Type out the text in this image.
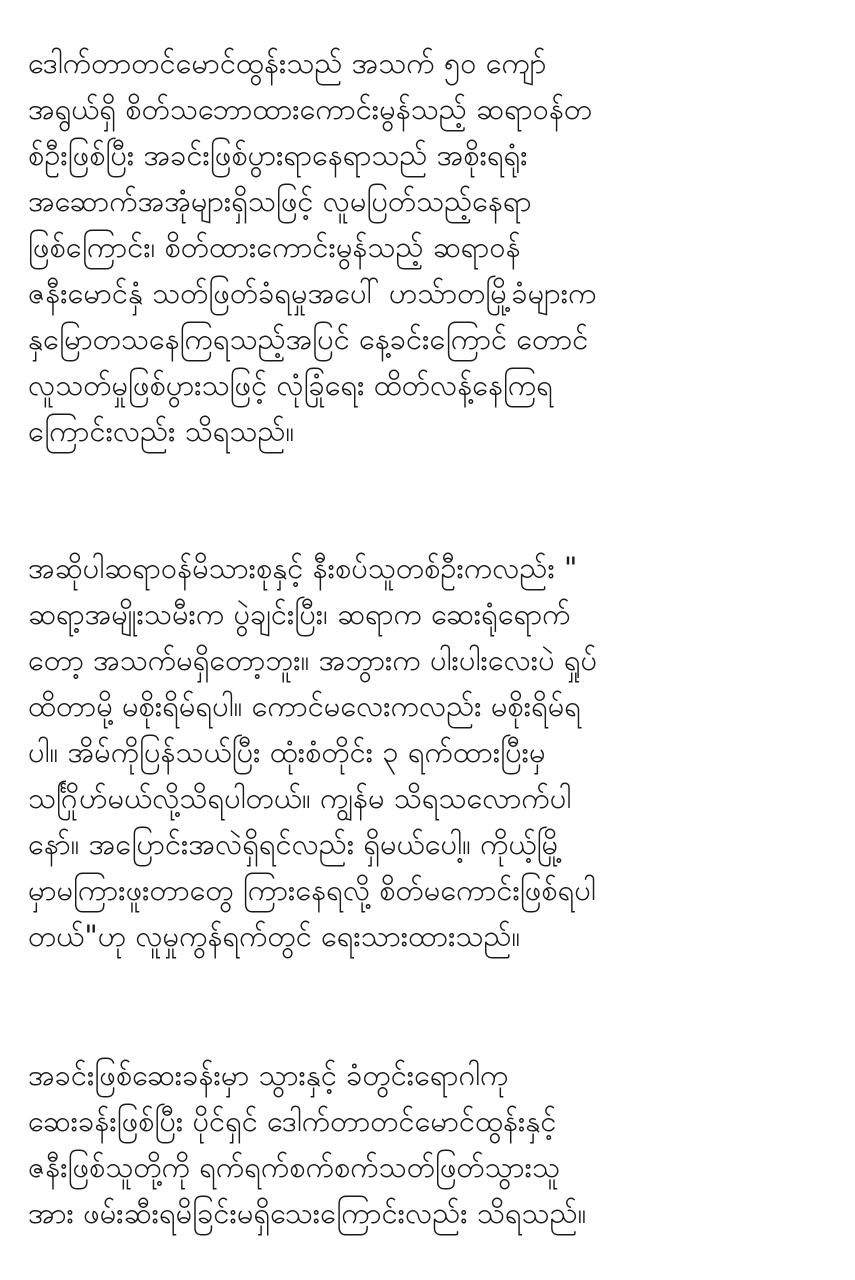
ဒေါက်တာတင်မောင်ထွန်းသည် အသက် ၅၀ ကျော်
အရွယ်ရှိ စိတ်သဘောထားကောင်းမွန်သည့် ဆရာဝန်တ
စ်ဦးဖြစ်ပြီး အခင်းဖြစ်ပွားရာနေရာသည် အစိုးရရုံး
အဆောက်အအုံများရှိသဖြင့် လူမပြတ်သည့်နေရာ
ဖြစ်ကြောင်း၊ စိတ်ထားကောင်းမွန်သည့် ဆရာဝန်
ဇနီးမောင်နှံ သတ်ဖြတ်ခံရမှုအပေါ် ဟသ်ာတမြို့ခံများက
နှမြောတသနေကြရသည့်အပြင် နေ့ခင်းကြောင် တောင်
လူသတ်မှုဖြစ်ပွားသဖြင့် လုံခြုံရေး ထိတ်လန့်နေကြရ
ကြောင်းလည်း သိရသည်။
အဆိုပါဆရာဝန်မိသားစုနှင့် နီးစပ်သူတစ်ဦးကလည်း "
ဆရာ့အမျိုးသမီးက ပွဲချင်းပြီး၊ ဆရာက ဆေးရုံရောက်
တော့ အသက်မရှိတော့ဘူး။ အဘွားက ပါးပါးလေးပဲ ရှုပ်
ထိတာမို့ မစိုးရိမ်ရပါ။ ကောင်မလေးကလည်း မစိုးရိမ်ရ
ပါ။ အိမ်ကိုပြန်သယ်ပြီး ထုံးစံတိုင်း ၃ ရက်ထားပြီးမှ
သင်္ဂြိုဟ်မယ်လို့သိရပါတယ်။ ကျွန်မ သိရသလောက်ပါ
နော်။ အပြောင်းအလဲရှိရင်လည်း ရှိမယ်ပေါ့။ ကိုယ့်မြို့
မှာမကြားဖူးတာတွေ ကြားနေရလို့ စိတ်မကောင်းဖြစ်ရပါ
တယ်"ဟု လူမှုကွန်ရက်တွင် ရေးသားထားသည်။
အခင်းဖြစ်ဆေးခန်းမှာ သွားနှင့် ခံတွင်းရောဂါကု
ဆေးခန်းဖြစ်ပြီး ပိုင်ရှင် ဒေါက်တာတင်မောင်ထွန်းနှင့်
ဇနီးဖြစ်သူတို့ကို ရက်ရက်စက်စက်သတ်ဖြတ်သွားသူ
အား ဖမ်းဆီးရမိခြင်းမရှိသေးကြောင်းလည်း သိရသည်။
